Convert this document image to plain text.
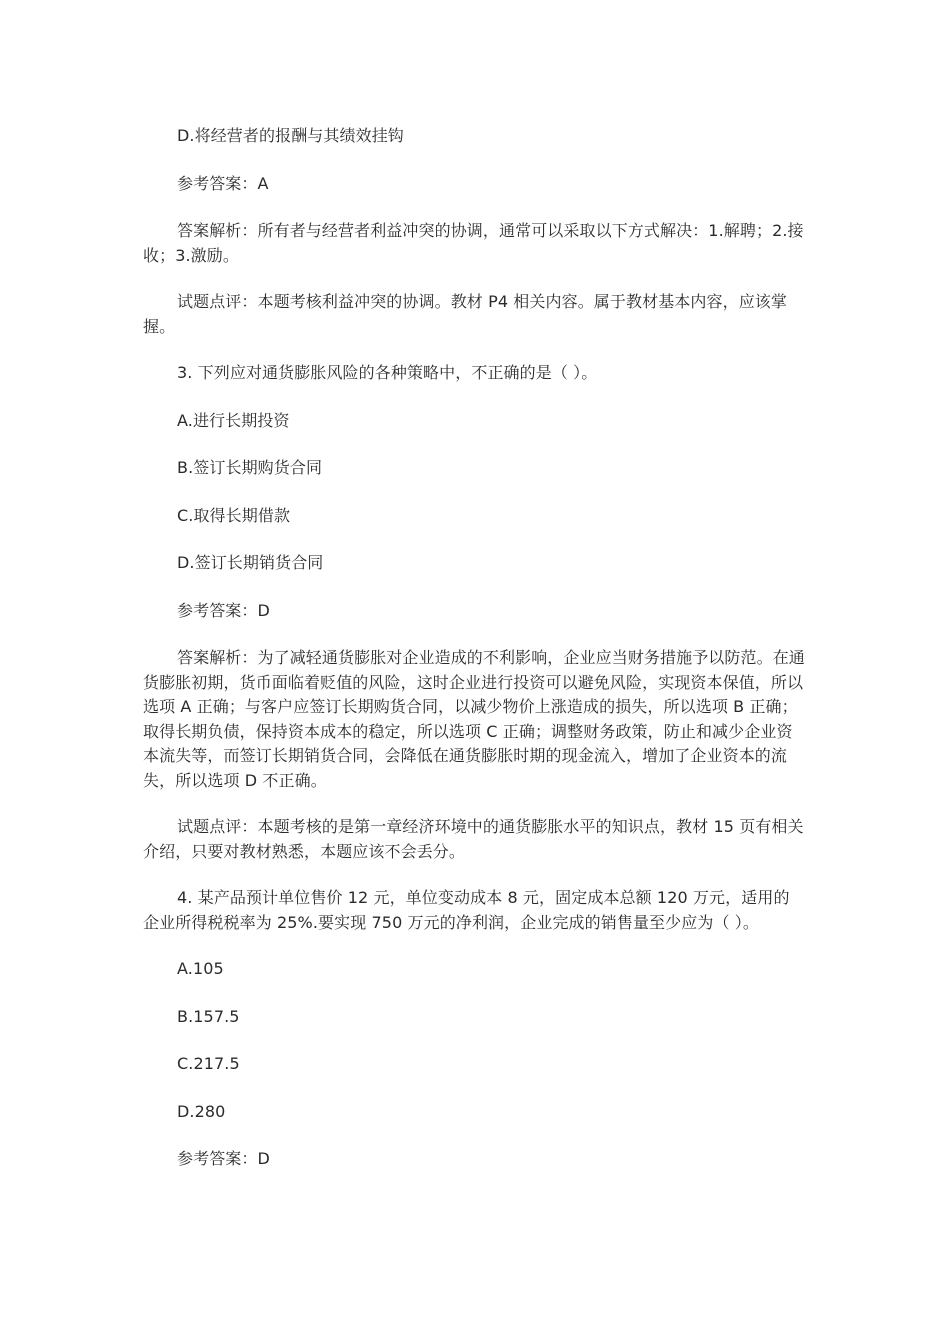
D.将经营者的报酬与其绩效挂钩

参考答案：A

答案解析：所有者与经营者利益冲突的协调，通常可以采取以下方式解决：1.解聘；2.接收；3.激励。

试题点评：本题考核利益冲突的协调。教材 P4 相关内容。属于教材基本内容，应该掌握。

3. 下列应对通货膨胀风险的各种策略中，不正确的是（ ）。

A.进行长期投资

B.签订长期购货合同

C.取得长期借款

D.签订长期销货合同

参考答案：D

答案解析：为了减轻通货膨胀对企业造成的不利影响，企业应当财务措施予以防范。在通货膨胀初期，货币面临着贬值的风险，这时企业进行投资可以避免风险，实现资本保值，所以选项 A 正确；与客户应签订长期购货合同，以减少物价上涨造成的损失，所以选项 B 正确；取得长期负债，保持资本成本的稳定，所以选项 C 正确；调整财务政策，防止和减少企业资本流失等，而签订长期销货合同，会降低在通货膨胀时期的现金流入，增加了企业资本的流失，所以选项 D 不正确。

试题点评：本题考核的是第一章经济环境中的通货膨胀水平的知识点，教材 15 页有相关介绍，只要对教材熟悉，本题应该不会丢分。

4. 某产品预计单位售价 12 元，单位变动成本 8 元，固定成本总额 120 万元，适用的企业所得税税率为 25%.要实现 750 万元的净利润，企业完成的销售量至少应为（ ）。

A.105

B.157.5

C.217.5

D.280

参考答案：D
